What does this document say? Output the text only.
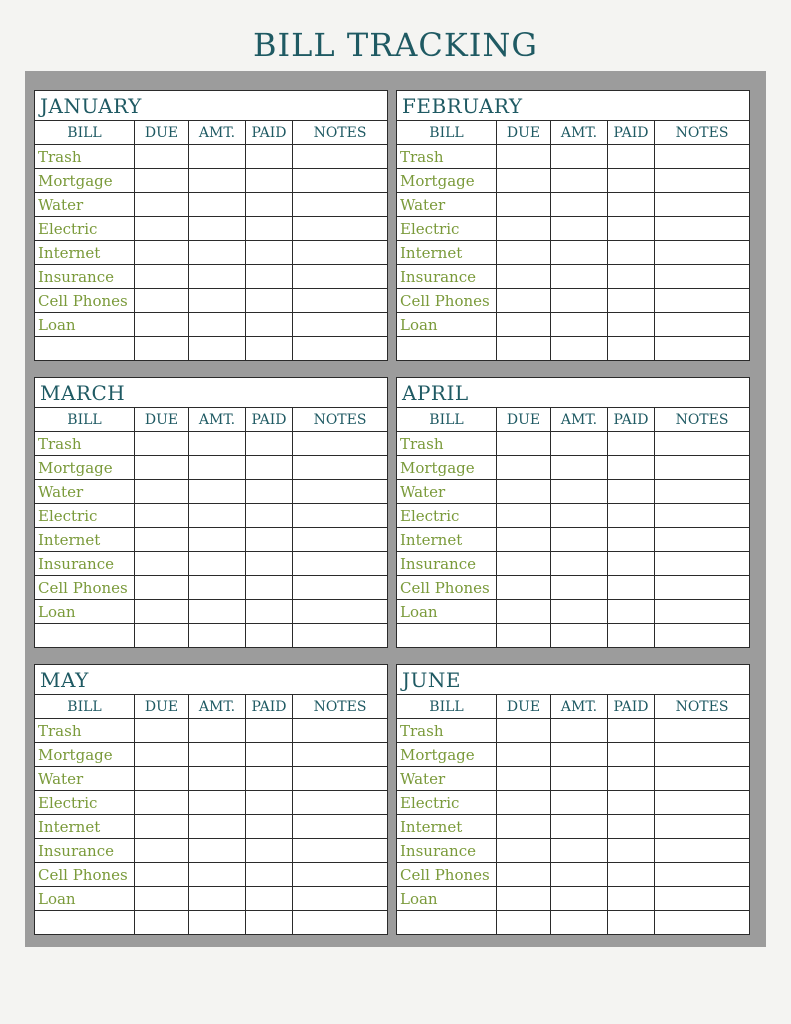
BILL TRACKING
JANUARY				
BILL	DUE	AMT.	PAID	NOTES
Trash				
Mortgage				
Water				
Electric				
Internet				
Insurance				
Cell Phones				
Loan				

FEBRUARY				
BILL	DUE	AMT.	PAID	NOTES
Trash				
Mortgage				
Water				
Electric				
Internet				
Insurance				
Cell Phones				
Loan				

MARCH				
BILL	DUE	AMT.	PAID	NOTES
Trash				
Mortgage				
Water				
Electric				
Internet				
Insurance				
Cell Phones				
Loan				

APRIL				
BILL	DUE	AMT.	PAID	NOTES
Trash				
Mortgage				
Water				
Electric				
Internet				
Insurance				
Cell Phones				
Loan				

MAY				
BILL	DUE	AMT.	PAID	NOTES
Trash				
Mortgage				
Water				
Electric				
Internet				
Insurance				
Cell Phones				
Loan				

JUNE				
BILL	DUE	AMT.	PAID	NOTES
Trash				
Mortgage				
Water				
Electric				
Internet				
Insurance				
Cell Phones				
Loan				
